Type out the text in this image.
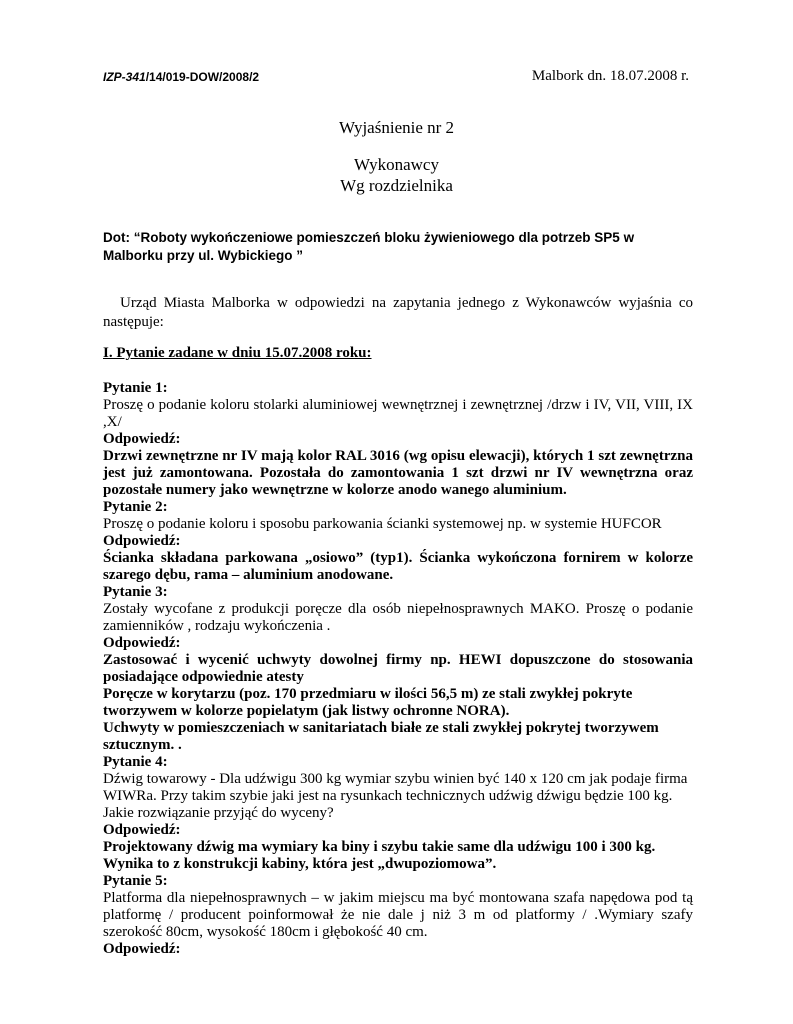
IZP-341/14/019-DOW/2008/2	Malbork dn. 18.07.2008 r.
Wyjaśnienie nr 2
Wykonawcy
Wg rozdzielnika
Dot: “Roboty wykończeniowe pomieszczeń bloku żywieniowego dla potrzeb SP5 w Malborku przy ul. Wybickiego ”
Urząd Miasta Malborka w odpowiedzi na zapytania jednego z Wykonawców wyjaśnia co następuje:
I. Pytanie zadane w dniu 15.07.2008 roku:

Pytanie 1:

Proszę o podanie koloru stolarki aluminiowej wewnętrznej i zewnętrznej /drzw i IV, VII, VIII, IX ,X/

Odpowiedź:

Drzwi zewnętrzne nr IV mają kolor RAL 3016 (wg opisu elewacji), których 1 szt zewnętrzna jest już zamontowana. Pozostała do zamontowania 1 szt drzwi nr IV wewnętrzna oraz pozostałe numery jako wewnętrzne w kolorze anodo wanego aluminium.

Pytanie 2:

Proszę o podanie koloru i sposobu parkowania ścianki systemowej np. w systemie HUFCOR

Odpowiedź:

Ścianka składana parkowana „osiowo” (typ1). Ścianka wykończona fornirem w kolorze szarego dębu, rama – aluminium anodowane.

Pytanie 3:

Zostały wycofane z produkcji poręcze dla osób niepełnosprawnych MAKO. Proszę o podanie zamienników , rodzaju wykończenia .

Odpowiedź:

Zastosować i wycenić uchwyty dowolnej firmy np. HEWI dopuszczone do stosowania posiadające odpowiednie atesty

Poręcze w korytarzu (poz. 170 przedmiaru w ilości 56,5 m) ze stali zwykłej pokryte tworzywem w kolorze popielatym (jak listwy ochronne NORA).

Uchwyty w pomieszczeniach w sanitariatach białe ze stali zwykłej pokrytej tworzywem sztucznym. .

Pytanie 4:

Dźwig towarowy - Dla udźwigu 300 kg wymiar szybu winien być 140 x 120 cm jak podaje firma WIWRa. Przy takim szybie jaki jest na rysunkach technicznych udźwig dźwigu będzie 100 kg. Jakie rozwiązanie przyjąć do wyceny?

Odpowiedź:

Projektowany dźwig ma wymiary ka biny i szybu takie same dla udźwigu 100 i 300 kg. Wynika to z konstrukcji kabiny, która jest „dwupoziomowa”.

Pytanie 5:

Platforma dla niepełnosprawnych – w jakim miejscu ma być montowana szafa napędowa pod tą platformę / producent poinformował że nie dale j niż 3 m od platformy / .Wymiary szafy szerokość 80cm, wysokość 180cm i głębokość 40 cm.

Odpowiedź:
